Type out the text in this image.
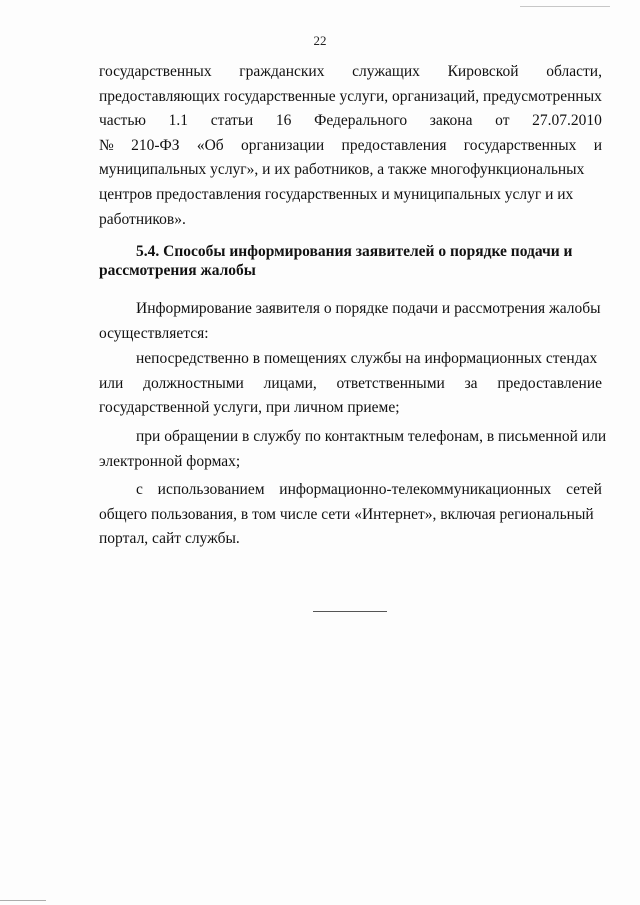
22
государственных гражданских служащих Кировской области,
предоставляющих государственные услуги, организаций, предусмотренных
частью 1.1 статьи 16 Федерального закона от 27.07.2010
№ 210-ФЗ «Об организации предоставления государственных и
муниципальных услуг», и их работников, а также многофункциональных
центров предоставления государственных и муниципальных услуг и их
работников».
5.4. Способы информирования заявителей о порядке подачи и
рассмотрения жалобы
Информирование заявителя о порядке подачи и рассмотрения жалобы
осуществляется:
непосредственно в помещениях службы на информационных стендах
или должностными лицами, ответственными за предоставление
государственной услуги, при личном приеме;
при обращении в службу по контактным телефонам, в письменной или
электронной формах;
с использованием информационно-телекоммуникационных сетей
общего пользования, в том числе сети «Интернет», включая региональный
портал, сайт службы.
